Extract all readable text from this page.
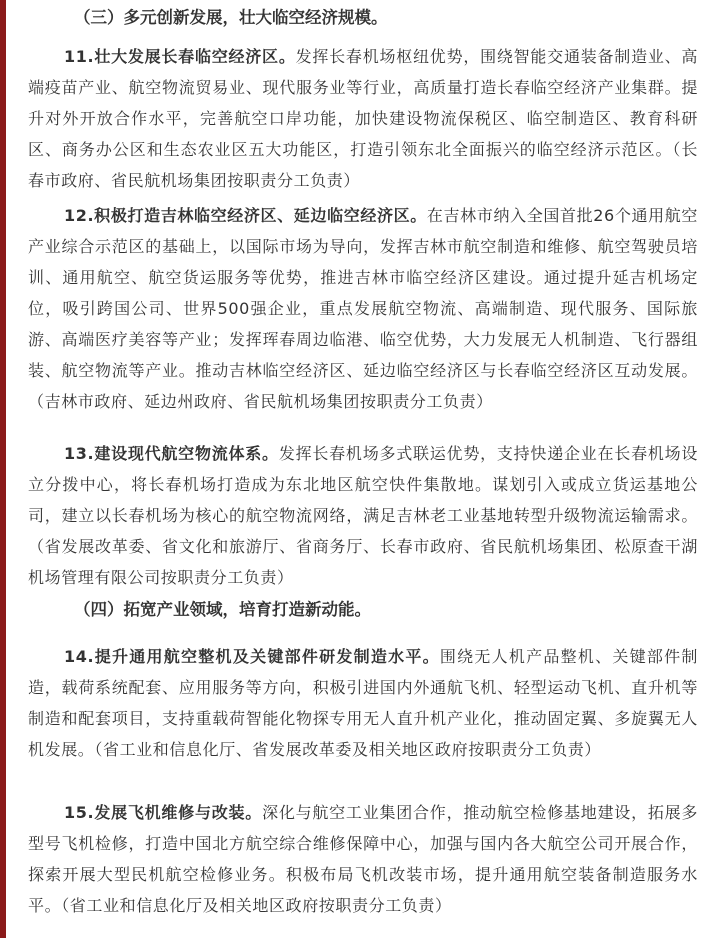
（三）多元创新发展，壮大临空经济规模。

11.壮大发展长春临空经济区。发挥长春机场枢纽优势，围绕智能交通装备制造业、高端疫苗产业、航空物流贸易业、现代服务业等行业，高质量打造长春临空经济产业集群。提升对外开放合作水平，完善航空口岸功能，加快建设物流保税区、临空制造区、教育科研区、商务办公区和生态农业区五大功能区，打造引领东北全面振兴的临空经济示范区。（长春市政府、省民航机场集团按职责分工负责）

12.积极打造吉林临空经济区、延边临空经济区。在吉林市纳入全国首批26个通用航空产业综合示范区的基础上，以国际市场为导向，发挥吉林市航空制造和维修、航空驾驶员培训、通用航空、航空货运服务等优势，推进吉林市临空经济区建设。通过提升延吉机场定位，吸引跨国公司、世界500强企业，重点发展航空物流、高端制造、现代服务、国际旅游、高端医疗美容等产业；发挥珲春周边临港、临空优势，大力发展无人机制造、飞行器组装、航空物流等产业。推动吉林临空经济区、延边临空经济区与长春临空经济区互动发展。（吉林市政府、延边州政府、省民航机场集团按职责分工负责）

13.建设现代航空物流体系。发挥长春机场多式联运优势，支持快递企业在长春机场设立分拨中心，将长春机场打造成为东北地区航空快件集散地。谋划引入或成立货运基地公司，建立以长春机场为核心的航空物流网络，满足吉林老工业基地转型升级物流运输需求。（省发展改革委、省文化和旅游厅、省商务厅、长春市政府、省民航机场集团、松原查干湖机场管理有限公司按职责分工负责）

（四）拓宽产业领域，培育打造新动能。

14.提升通用航空整机及关键部件研发制造水平。围绕无人机产品整机、关键部件制造，载荷系统配套、应用服务等方向，积极引进国内外通航飞机、轻型运动飞机、直升机等制造和配套项目，支持重载荷智能化物探专用无人直升机产业化，推动固定翼、多旋翼无人机发展。（省工业和信息化厅、省发展改革委及相关地区政府按职责分工负责）

15.发展飞机维修与改装。深化与航空工业集团合作，推动航空检修基地建设，拓展多型号飞机检修，打造中国北方航空综合维修保障中心，加强与国内各大航空公司开展合作，探索开展大型民机航空检修业务。积极布局飞机改装市场，提升通用航空装备制造服务水平。（省工业和信息化厅及相关地区政府按职责分工负责）
